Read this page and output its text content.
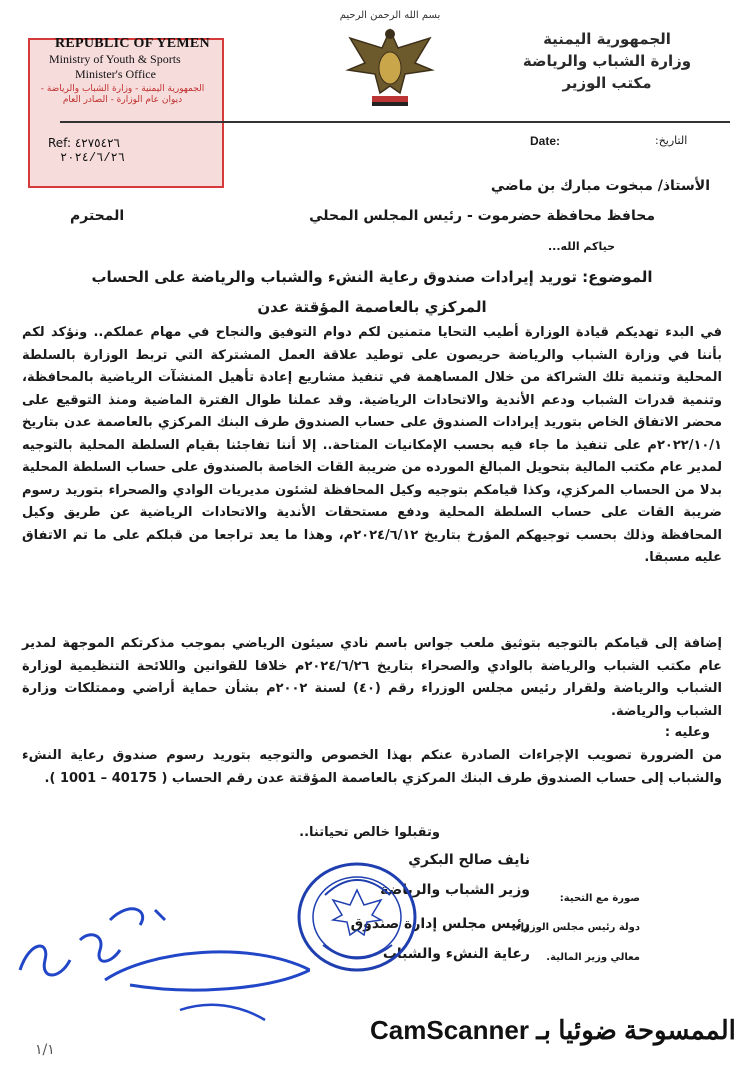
الجمهورية اليمنية
وزارة الشباب والرياضة
مكتب الوزير
بسم الله الرحمن الرحيم
REPUBLIC OF YEMEN
Ministry of Youth & Sports
Minister's Office
الجمهورية اليمنية - وزارة الشباب والرياضة - ديوان عام الوزارة - الصادر العام
Ref: ٤٢٧٥٤٢٦
٢٠٢٤/٦/٢٦
Date:	التاريخ:
الأستاذ/ مبخوت مبارك بن ماضي
محافظ محافظة حضرموت - رئيس المجلس المحلي
المحترم
حياكم الله...
الموضوع: توريد إيرادات صندوق رعاية النشء والشباب والرياضة على الحساب
المركزي بالعاصمة المؤقتة عدن
في البدء تهديكم قيادة الوزارة أطيب التحايا متمنين لكم دوام التوفيق والنجاح في مهام عملكم.. ونؤكد لكم بأننا في وزارة الشباب والرياضة حريصون على توطيد علاقة العمل المشتركة التي تربط الوزارة بالسلطة المحلية وتنمية تلك الشراكة من خلال المساهمة في تنفيذ مشاريع إعادة تأهيل المنشآت الرياضية بالمحافظة، وتنمية قدرات الشباب ودعم الأندية والاتحادات الرياضية. وقد عملنا طوال الفترة الماضية ومنذ التوقيع على محضر الاتفاق الخاص بتوريد إيرادات الصندوق على حساب الصندوق طرف البنك المركزي بالعاصمة عدن بتاريخ ٢٠٢٢/١٠/١م على تنفيذ ما جاء فيه بحسب الإمكانيات المتاحة.. إلا أننا تفاجئنا بقيام السلطة المحلية بالتوجيه لمدير عام مكتب المالية بتحويل المبالغ المورده من ضريبة القات الخاصة بالصندوق على حساب السلطة المحلية بدلا من الحساب المركزي، وكذا قيامكم بتوجيه وكيل المحافظة لشئون مديريات الوادي والصحراء بتوريد رسوم ضريبة القات على حساب السلطة المحلية ودفع مستحقات الأندية والاتحادات الرياضية عن طريق وكيل المحافظة وذلك بحسب توجيهكم المؤرخ بتاريخ ٢٠٢٤/٦/١٢م، وهذا ما يعد تراجعا من قبلكم على ما تم الاتفاق عليه مسبقا.
إضافة إلى قيامكم بالتوجيه بتوثيق ملعب جواس باسم نادي سيئون الرياضي بموجب مذكرتكم الموجهة لمدير عام مكتب الشباب والرياضة بالوادي والصحراء بتاريخ ٢٠٢٤/٦/٢٦م خلافا للقوانين واللائحة التنظيمية لوزارة الشباب والرياضة ولقرار رئيس مجلس الوزراء رقم (٤٠) لسنة ٢٠٠٢م بشأن حماية أراضي وممتلكات وزارة الشباب والرياضة.
وعليه :
من الضرورة تصويب الإجراءات الصادرة عنكم بهذا الخصوص والتوجيه بتوريد رسوم صندوق رعاية النشء والشباب إلى حساب الصندوق طرف البنك المركزي بالعاصمة المؤقتة عدن رقم الحساب ( 40175 – 1001 ).
وتقبلوا خالص تحياتنا..
نايف صالح البكري
وزير الشباب والرياضة
رئيس مجلس إدارة صندوق
رعاية النشء والشباب
صورة مع التحية:
دولة رئيس مجلس الوزراء.
معالي وزير المالية.
CamScanner الممسوحة ضوئيا بـ
١/١
